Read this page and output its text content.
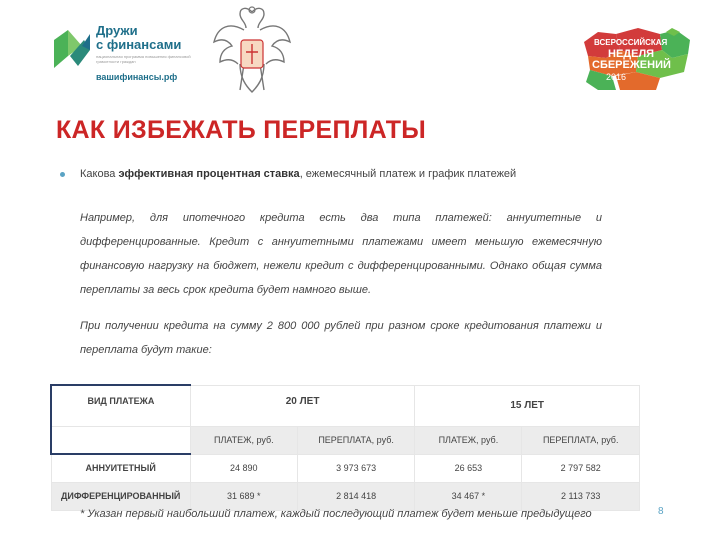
Дружи
с финансами
национальная программа повышения финансовой грамотности граждан
вашифинансы.рф
ВСЕРОССИЙСКАЯ
НЕДЕЛЯ
СБЕРЕЖЕНИЙ
2016
КАК ИЗБЕЖАТЬ ПЕРЕПЛАТЫ
Какова эффективная процентная ставка, ежемесячный платеж и график платежей
Например, для ипотечного кредита есть два типа платежей: аннуитетные и дифференцированные. Кредит с аннуитетными платежами имеет меньшую ежемесячную финансовую нагрузку на бюджет, нежели кредит с дифференцированными. Однако общая сумма переплаты за весь срок кредита будет намного выше.
При получении кредита на сумму 2 800 000 рублей при разном сроке кредитования платежи и переплата будут такие:
ВИД ПЛАТЕЖА	20 ЛЕТ		15 ЛЕТ	
	ПЛАТЕЖ, руб.	ПЕРЕПЛАТА, руб.	ПЛАТЕЖ, руб.	ПЕРЕПЛАТА, руб.
АННУИТЕТНЫЙ	24 890	3 973 673	26 653	2 797 582
ДИФФЕРЕНЦИРОВАННЫЙ	31 689 *	2 814 418	34 467 *	2 113 733
* Указан первый наибольший платеж, каждый последующий платеж будет меньше предыдущего	8
